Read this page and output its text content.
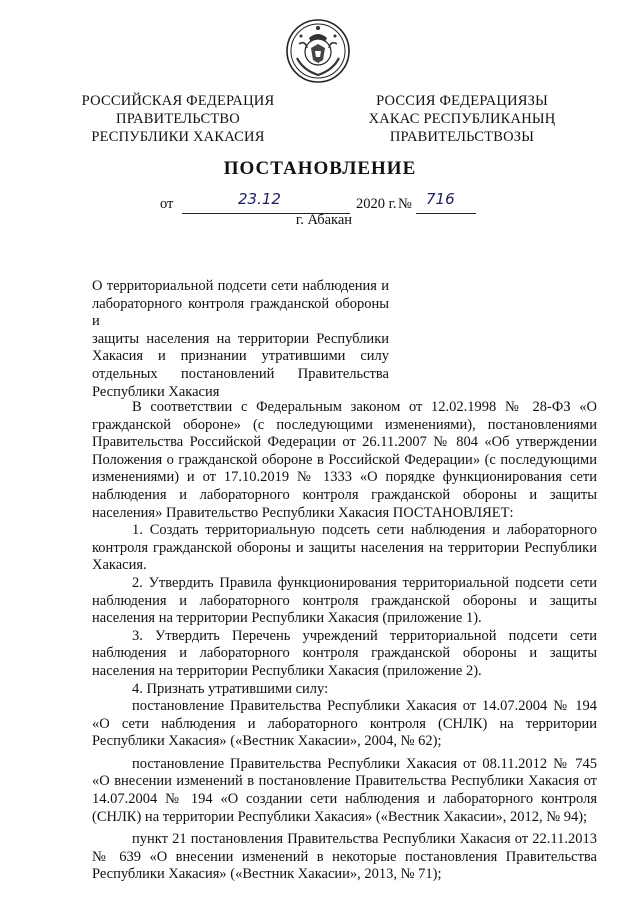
РОССИЙСКАЯ ФЕДЕРАЦИЯ
ПРАВИТЕЛЬСТВО
РЕСПУБЛИКИ ХАКАСИЯ
РОССИЯ ФЕДЕРАЦИЯЗЫ
ХАКАС РЕСПУБЛИКАНЫҢ
ПРАВИТЕЛЬСТВОЗЫ
ПОСТАНОВЛЕНИЕ
от	23.12	2020 г. № 716
г. Абакан
О территориальной подсети сети наблюдения и
лабораторного контроля гражданской обороны и
защиты населения на территории Республики
Хакасия и признании утратившими силу
отдельных постановлений Правительства
Республики Хакасия

В соответствии с Федеральным законом от 12.02.1998 № 28-ФЗ «О гражданской обороне» (с последующими изменениями), постановлениями Правительства Российской Федерации от 26.11.2007 № 804 «Об утверждении Положения о гражданской обороне в Российской Федерации» (с последующими изменениями) и от 17.10.2019 № 1333 «О порядке функционирования сети наблюдения и лабораторного контроля гражданской обороны и защиты населения» Правительство Республики Хакасия ПОСТАНОВЛЯЕТ:

1. Создать территориальную подсеть сети наблюдения и лабораторного контроля гражданской обороны и защиты населения на территории Республики Хакасия.

2. Утвердить Правила функционирования территориальной подсети сети наблюдения и лабораторного контроля гражданской обороны и защиты населения на территории Республики Хакасия (приложение 1).

3. Утвердить Перечень учреждений территориальной подсети сети наблюдения и лабораторного контроля гражданской обороны и защиты населения на территории Республики Хакасия (приложение 2).

4. Признать утратившими силу:

постановление Правительства Республики Хакасия от 14.07.2004 № 194 «О сети наблюдения и лабораторного контроля (СНЛК) на территории Республики Хакасия» («Вестник Хакасии», 2004, № 62);

постановление Правительства Республики Хакасия от 08.11.2012 № 745 «О внесении изменений в постановление Правительства Республики Хакасия от 14.07.2004 № 194 «О создании сети наблюдения и лабораторного контроля (СНЛК) на территории Республики Хакасия» («Вестник Хакасии», 2012, № 94);

пункт 21 постановления Правительства Республики Хакасия от 22.11.2013 № 639 «О внесении изменений в некоторые постановления Правительства Республики Хакасия» («Вестник Хакасии», 2013, № 71);
